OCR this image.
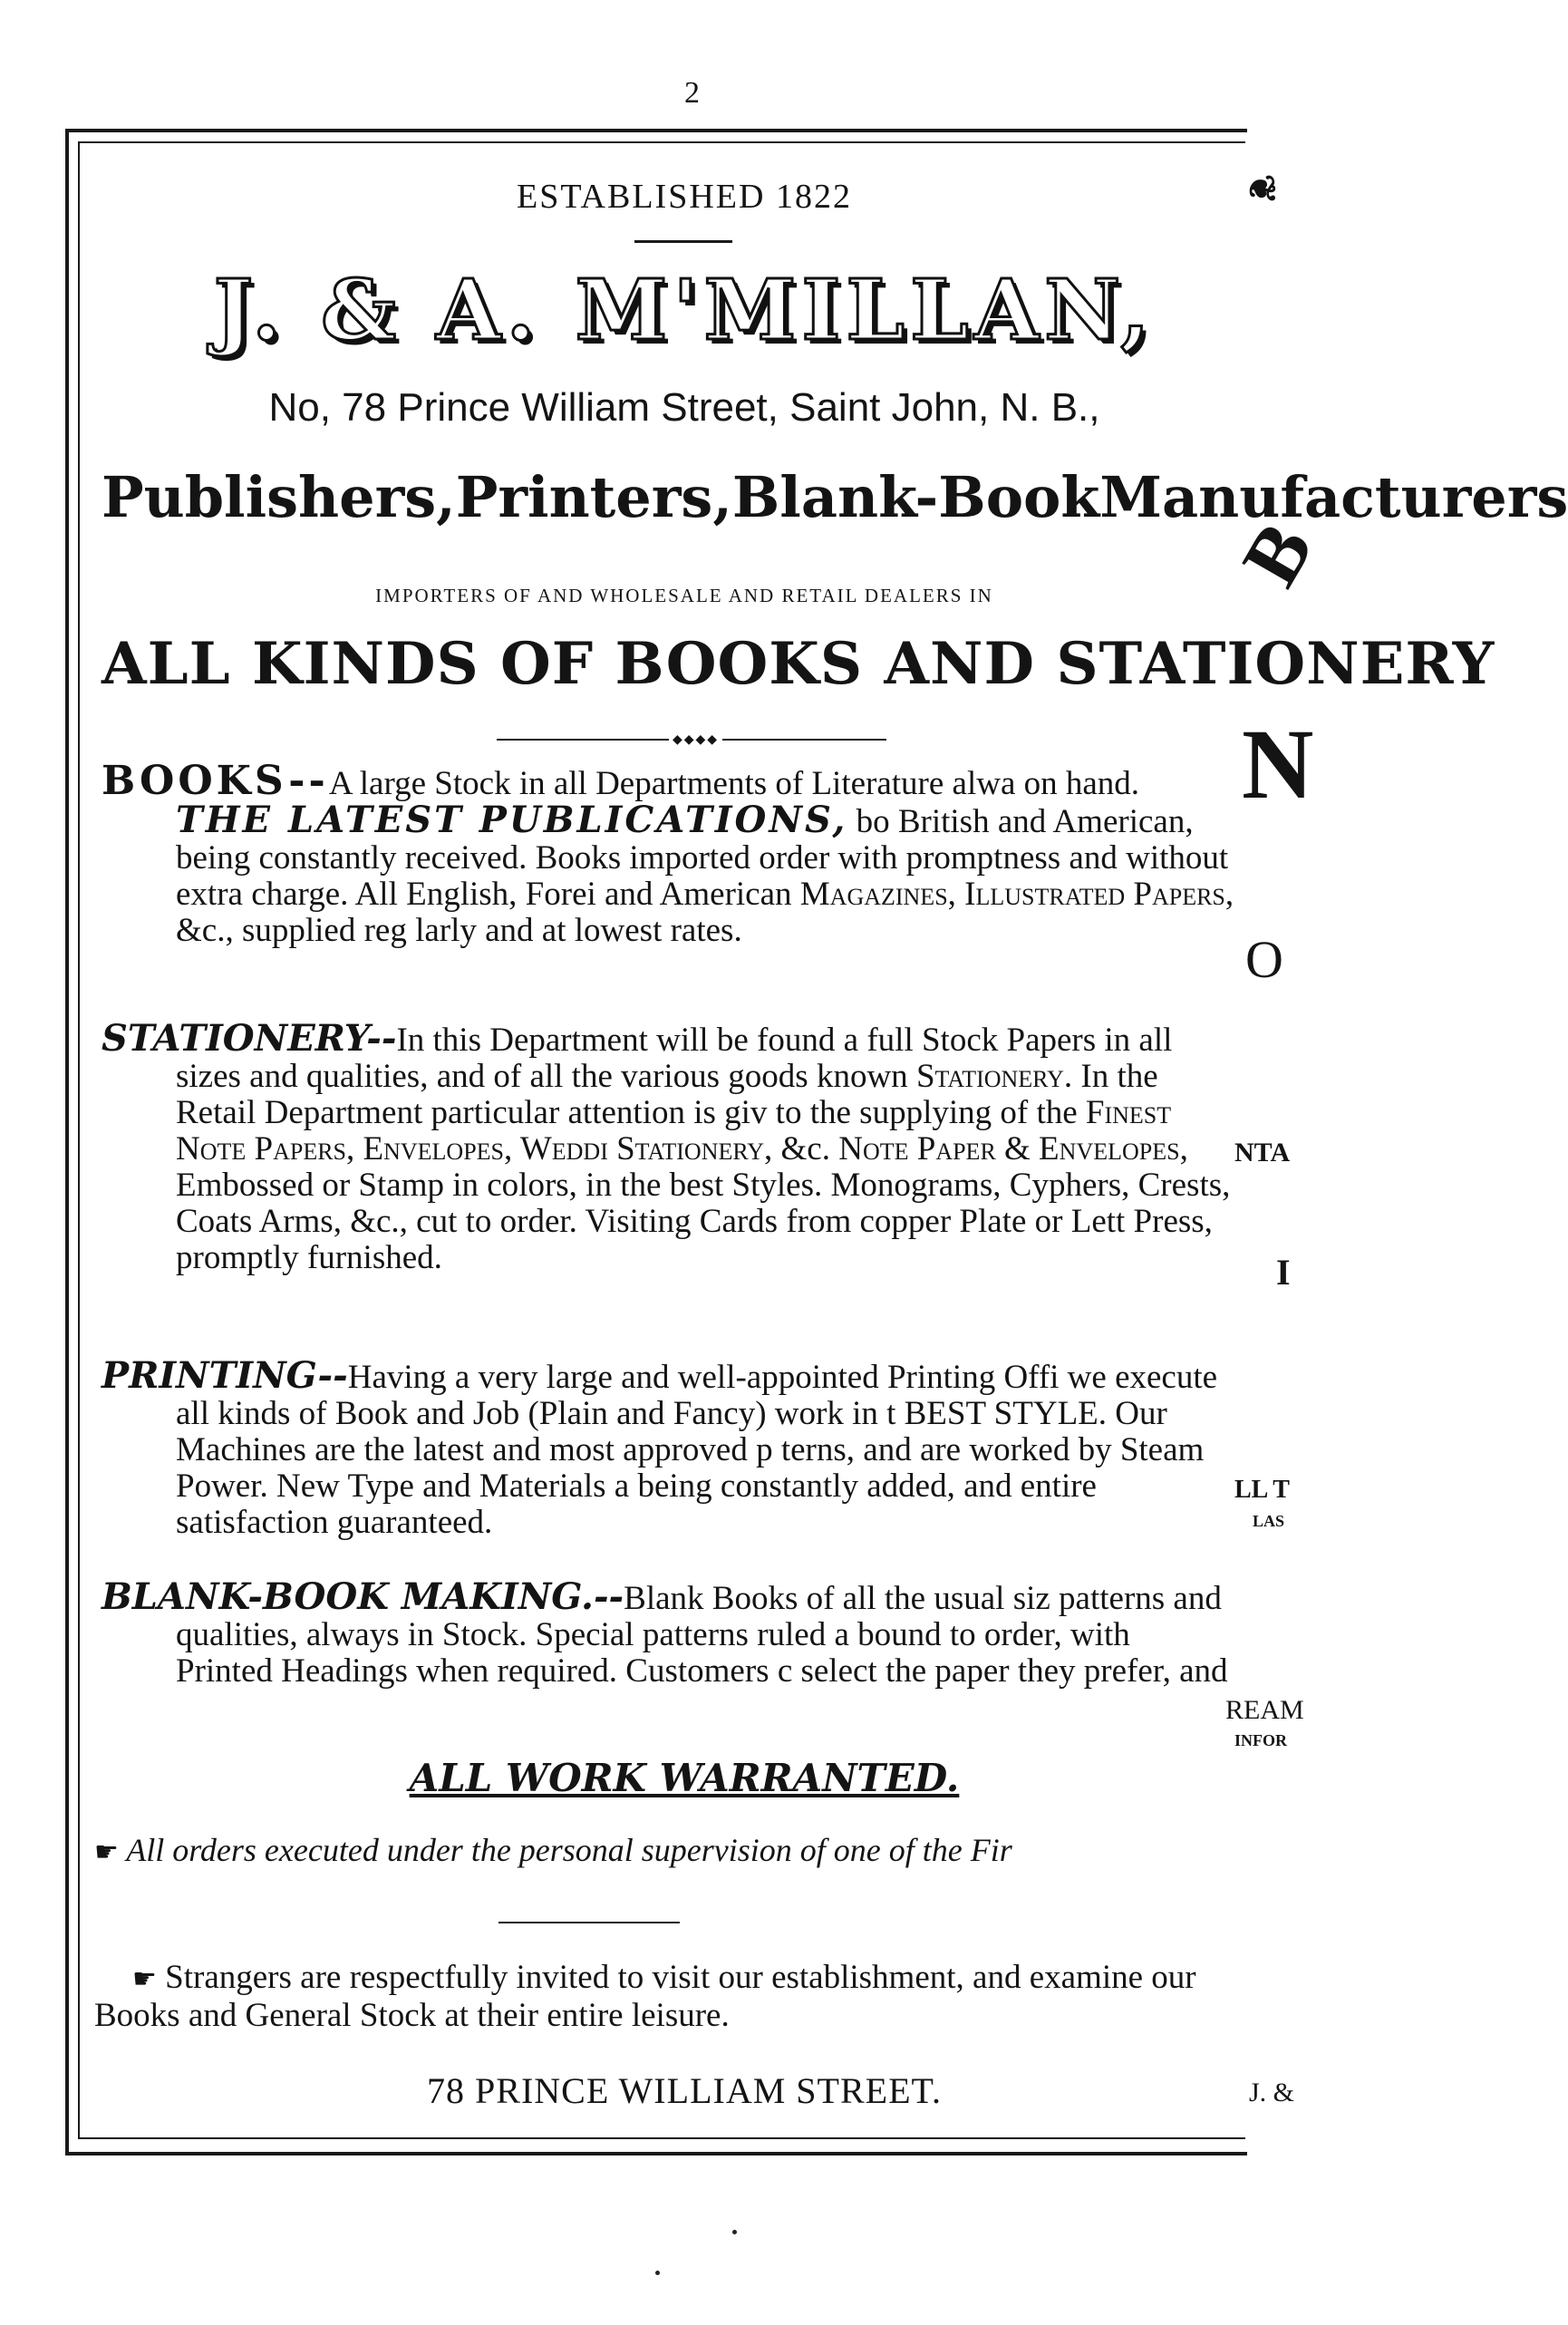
2
ESTABLISHED 1822
J. & A. M'MILLAN,
No, 78 Prince William Street, Saint John, N. B.,
Publishers, Printers, Blank-Book Manufacturers
IMPORTERS OF AND WHOLESALE AND RETAIL DEALERS IN
ALL KINDS OF BOOKS AND STATIONERY
◆◆◆◆

BOOKS--A large Stock in all Departments of Literature alwa on hand. THE LATEST PUBLICATIONS, bo British and American, being constantly received. Books imported order with promptness and without extra charge. All English, Forei and American Magazines, Illustrated Papers, &c., supplied reg larly and at lowest rates.

STATIONERY--In this Department will be found a full Stock Papers in all sizes and qualities, and of all the various goods known Stationery. In the Retail Department particular attention is giv to the supplying of the Finest Note Papers, Envelopes, Weddi Stationery, &c. Note Paper & Envelopes, Embossed or Stamp in colors, in the best Styles. Monograms, Cyphers, Crests, Coats Arms, &c., cut to order. Visiting Cards from copper Plate or Lett Press, promptly furnished.

PRINTING--Having a very large and well-appointed Printing Offi we execute all kinds of Book and Job (Plain and Fancy) work in t BEST STYLE. Our Machines are the latest and most approved p terns, and are worked by Steam Power. New Type and Materials a being constantly added, and entire satisfaction guaranteed.

BLANK-BOOK MAKING.--Blank Books of all the usual siz patterns and qualities, always in Stock. Special patterns ruled a bound to order, with Printed Headings when required. Customers c select the paper they prefer, and

ALL WORK WARRANTED.
☛ All orders executed under the personal supervision of one of the Fir

☛ Strangers are respectfully invited to visit our establishment, and examine our Books and General Stock at their entire leisure.

78 PRINCE WILLIAM STREET.
❦
B
N
O
NTA
I
LL T
LAS
REAM
INFOR
J. &
